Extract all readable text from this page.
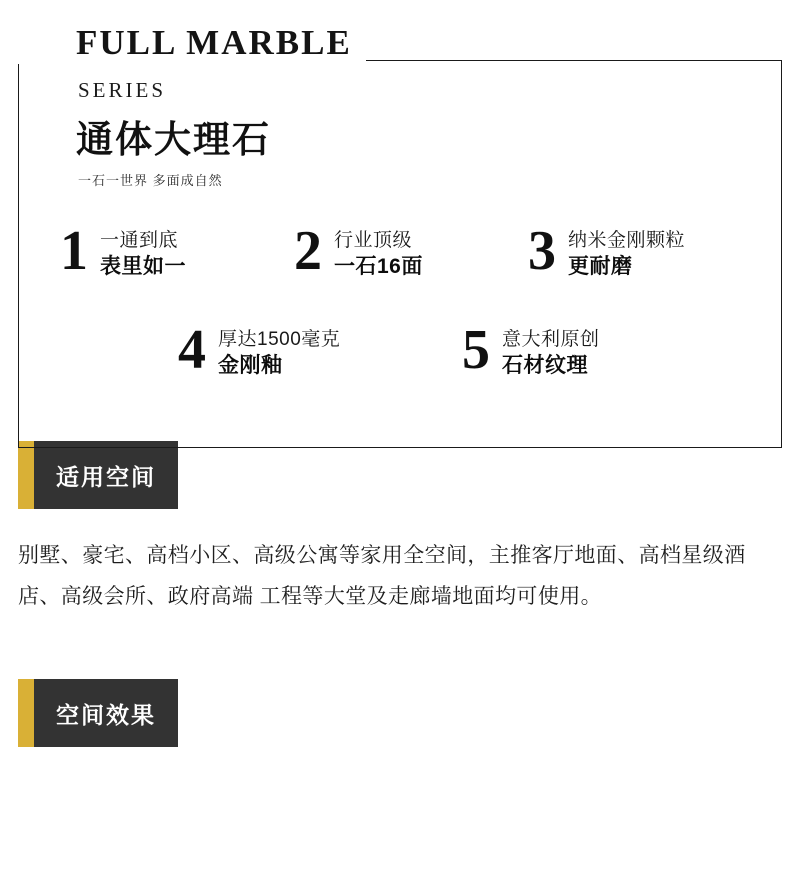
FULL MARBLE
SERIES
通体大理石
一石一世界 多面成自然
1 一通到底
表里如一 2 行业顶级
一石16面 3 纳米金刚颗粒
更耐磨
4 厚达1500毫克
金刚釉	5 意大利原创
石材纹理
适用空间
别墅、豪宅、高档小区、高级公寓等家用全空间，主推客厅地面、高档星级酒店、高级会所、政府高端 工程等大堂及走廊墙地面均可使用。
空间效果
